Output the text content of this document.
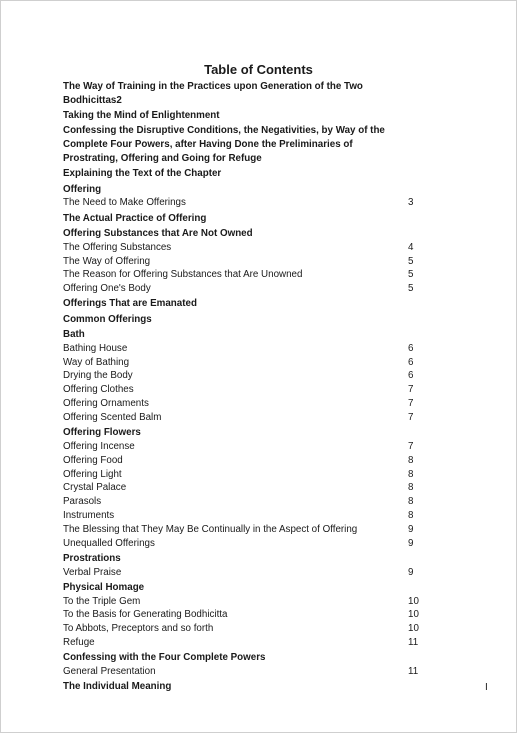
Table of Contents
The Way of Training in the Practices upon Generation of the Two Bodhicittas2
Taking the Mind of Enlightenment
Confessing the Disruptive Conditions, the Negativities, by Way of the Complete Four Powers, after Having Done the Preliminaries of Prostrating, Offering and Going for Refuge
Explaining the Text of the Chapter
Offering
The Need to Make Offerings	3
The Actual Practice of Offering
Offering Substances that Are Not Owned
The Offering Substances	4
The Way of Offering	5
The Reason for Offering Substances that Are Unowned	5
Offering One's Body	5
Offerings That are Emanated
Common Offerings
Bath
Bathing House	6
Way of Bathing	6
Drying the Body	6
Offering Clothes	7
Offering Ornaments	7
Offering Scented Balm	7
Offering Flowers
Offering Incense	7
Offering Food	8
Offering Light	8
Crystal Palace	8
Parasols	8
Instruments	8
The Blessing that They May Be Continually in the Aspect of Offering	9
Unequalled Offerings	9
Prostrations
Verbal Praise	9
Physical Homage
To the Triple Gem	10
To the Basis for Generating Bodhicitta	10
To Abbots, Preceptors and so forth	10
Refuge	11
Confessing with the Four Complete Powers
General Presentation	11
The Individual Meaning	I
